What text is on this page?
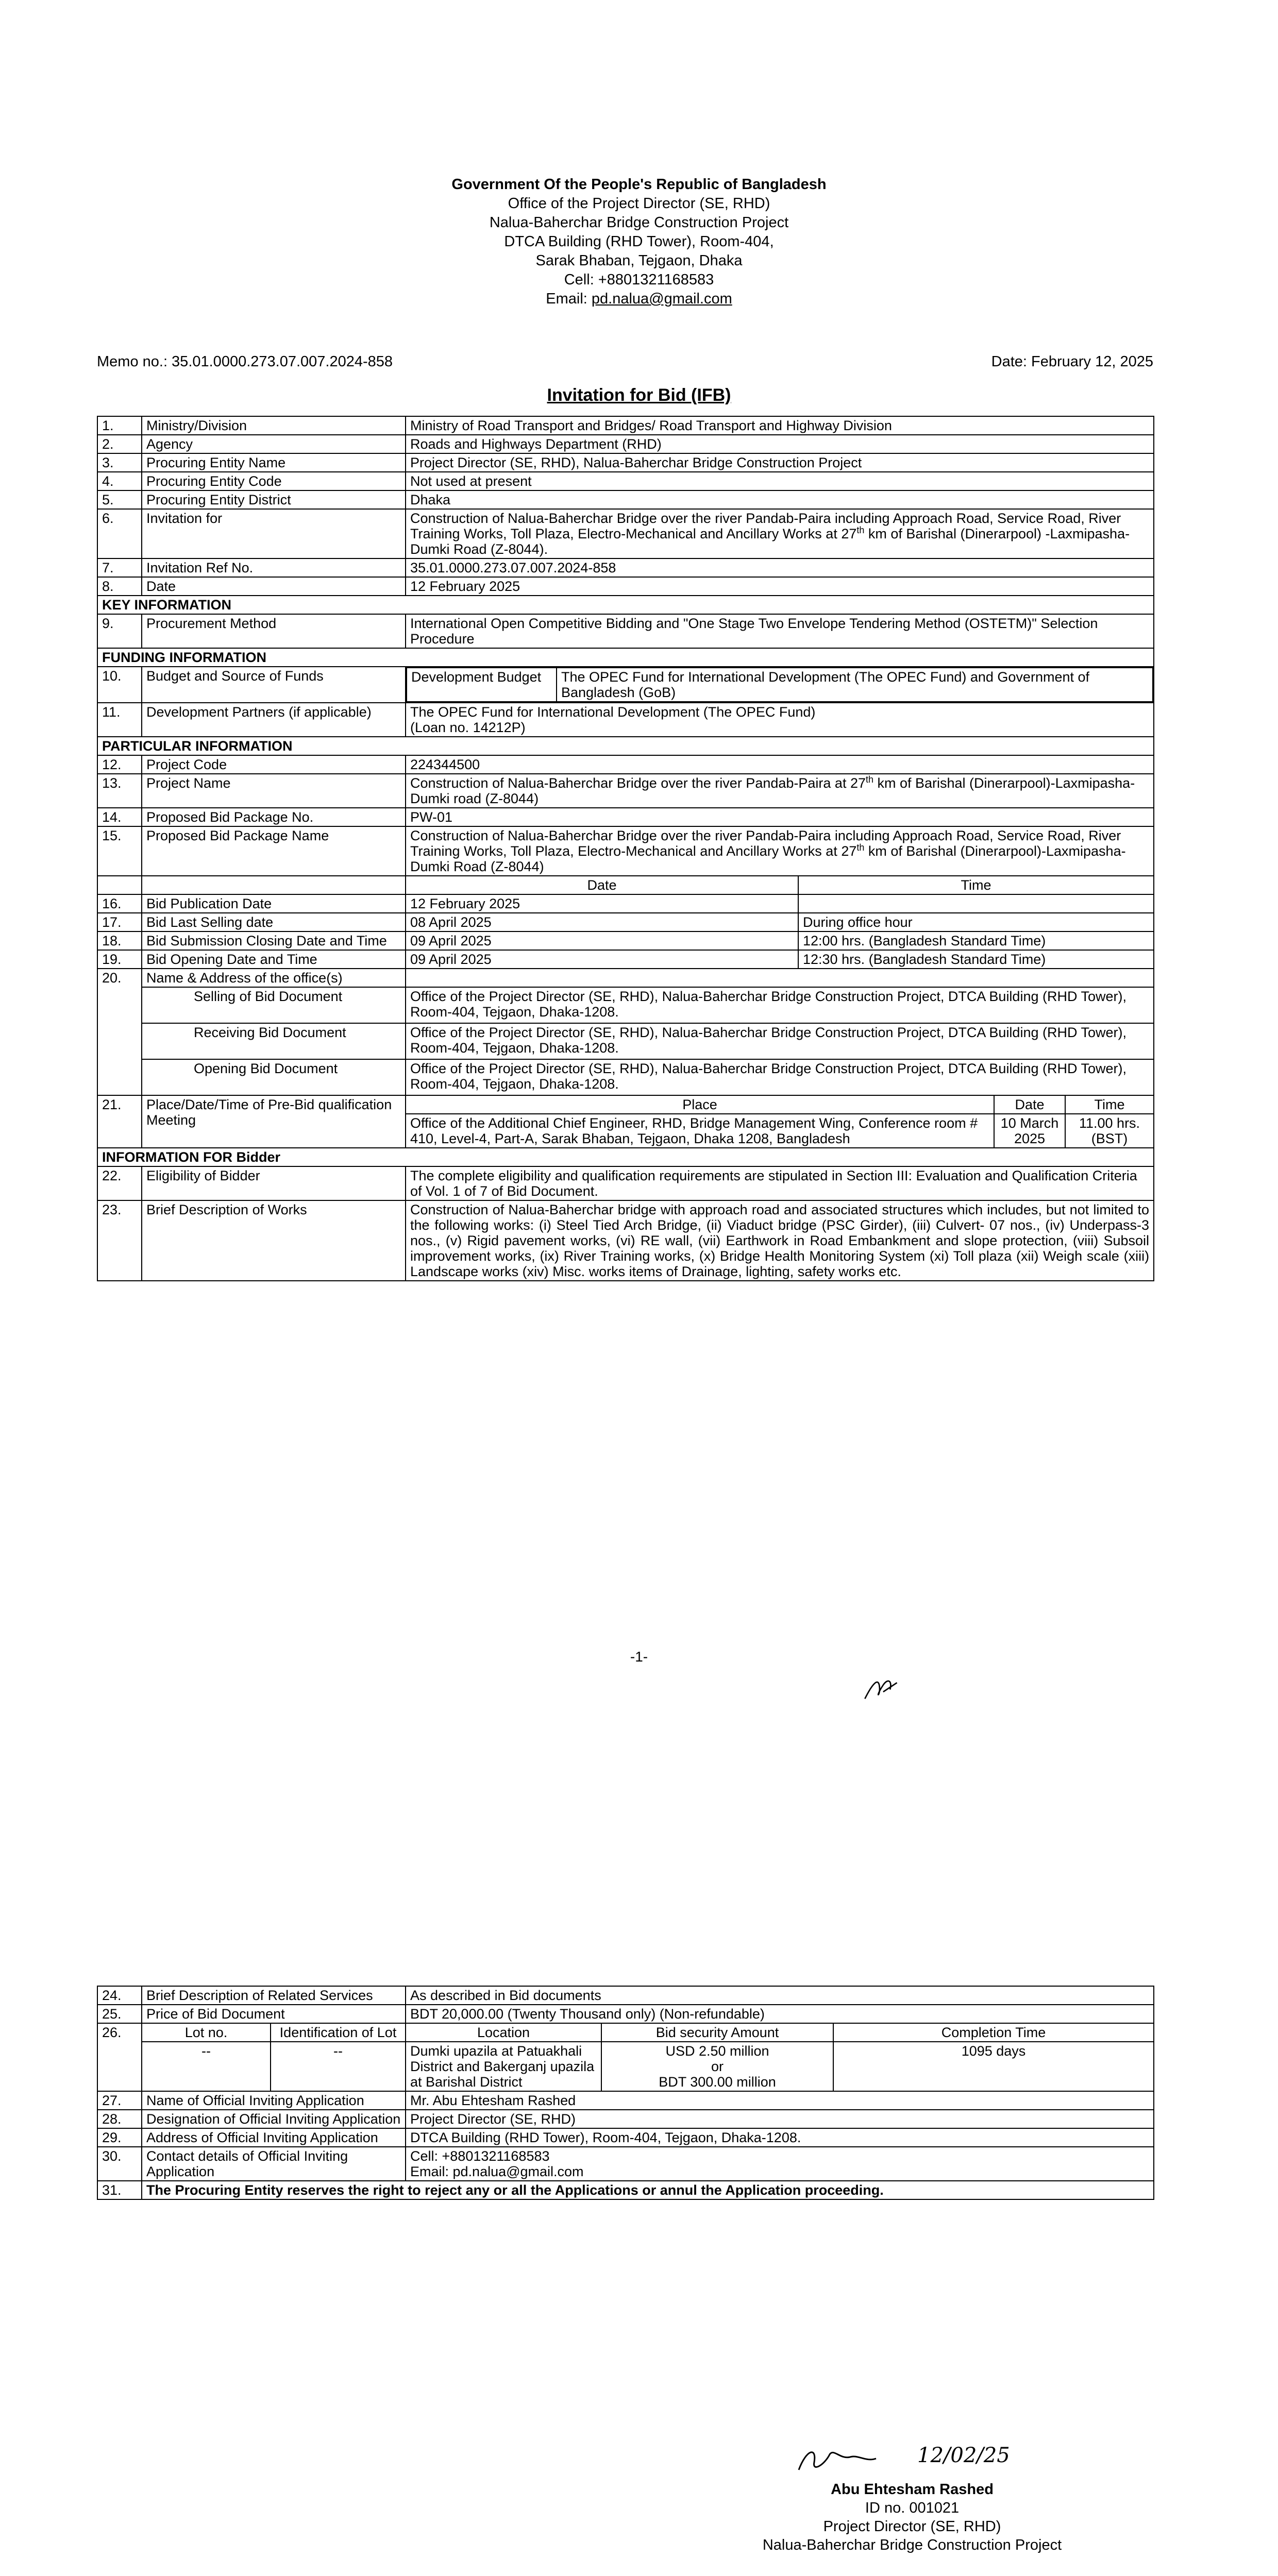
Government Of the People's Republic of Bangladesh
Office of the Project Director (SE, RHD)
Nalua-Baherchar Bridge Construction Project
DTCA Building (RHD Tower), Room-404,
Sarak Bhaban, Tejgaon, Dhaka
Cell: +8801321168583
Email: pd.nalua@gmail.com
Memo no.: 35.01.0000.273.07.007.2024-858	Date: February 12, 2025
Invitation for Bid (IFB)
1.	Ministry/Division	Ministry of Road Transport and Bridges/ Road Transport and Highway Division
2.	Agency	Roads and Highways Department (RHD)
3.	Procuring Entity Name	Project Director (SE, RHD), Nalua-Baherchar Bridge Construction Project
4.	Procuring Entity Code	Not used at present
5.	Procuring Entity District	Dhaka
6.	Invitation for	Construction of Nalua-Baherchar Bridge over the river Pandab-Paira including Approach Road, Service Road, River Training Works, Toll Plaza, Electro-Mechanical and Ancillary Works at 27th km of Barishal (Dinerarpool) -Laxmipasha-Dumki Road (Z-8044).
7.	Invitation Ref No.	35.01.0000.273.07.007.2024-858
8.	Date	12 February 2025
KEY INFORMATION
9.	Procurement Method	International Open Competitive Bidding and "One Stage Two Envelope Tendering Method (OSTETM)" Selection Procedure
FUNDING INFORMATION
10.	Budget and Source of Funds		Development Budget	The OPEC Fund for International Development (The OPEC Fund) and Government of Bangladesh (GoB)

11.	Development Partners (if applicable)	The OPEC Fund for International Development (The OPEC Fund)
(Loan no. 14212P)

PARTICULAR INFORMATION
12.	Project Code	224344500
13.	Project Name	Construction of Nalua-Baherchar Bridge over the river Pandab-Paira at 27th km of Barishal (Dinerarpool)-Laxmipasha-Dumki road (Z-8044)
14.	Proposed Bid Package No.	PW-01
15.	Proposed Bid Package Name	Construction of Nalua-Baherchar Bridge over the river Pandab-Paira including Approach Road, Service Road, River Training Works, Toll Plaza, Electro-Mechanical and Ancillary Works at 27th km of Barishal (Dinerarpool)-Laxmipasha-Dumki Road (Z-8044)
		Date	Time
16.	Bid Publication Date	12 February 2025	
17.	Bid Last Selling date	08 April 2025	During office hour
18.	Bid Submission Closing Date and Time	09 April 2025	12:00 hrs. (Bangladesh Standard Time)
19.	Bid Opening Date and Time	09 April 2025	12:30 hrs. (Bangladesh Standard Time)
20.	Name & Address of the office(s)	
Selling of Bid Document	Office of the Project Director (SE, RHD), Nalua-Baherchar Bridge Construction Project, DTCA Building (RHD Tower), Room-404, Tejgaon, Dhaka-1208.
Receiving Bid Document	Office of the Project Director (SE, RHD), Nalua-Baherchar Bridge Construction Project, DTCA Building (RHD Tower), Room-404, Tejgaon, Dhaka-1208.
Opening Bid Document	Office of the Project Director (SE, RHD), Nalua-Baherchar Bridge Construction Project, DTCA Building (RHD Tower), Room-404, Tejgaon, Dhaka-1208.
21.	Place/Date/Time of Pre-Bid qualification Meeting	Place	Date	Time
Office of the Additional Chief Engineer, RHD, Bridge Management Wing, Conference room # 410, Level-4, Part-A, Sarak Bhaban, Tejgaon, Dhaka 1208, Bangladesh	10 March 2025	11.00 hrs. (BST)
INFORMATION FOR Bidder
22.	Eligibility of Bidder	The complete eligibility and qualification requirements are stipulated in Section III: Evaluation and Qualification Criteria of Vol. 1 of 7 of Bid Document.
23.	Brief Description of Works	Construction of Nalua-Baherchar bridge with approach road and associated structures which includes, but not limited to the following works: (i) Steel Tied Arch Bridge, (ii) Viaduct bridge (PSC Girder), (iii) Culvert- 07 nos., (iv) Underpass-3 nos., (v) Rigid pavement works, (vi) RE wall, (vii) Earthwork in Road Embankment and slope protection, (viii) Subsoil improvement works, (ix) River Training works, (x) Bridge Health Monitoring System (xi) Toll plaza (xii) Weigh scale (xiii) Landscape works (xiv) Misc. works items of Drainage, lighting, safety works etc.
-1-
24.	Brief Description of Related Services		As described in Bid documents		
25.	Price of Bid Document		BDT 20,000.00 (Twenty Thousand only) (Non-refundable)		
26.	Lot no.	Identification of Lot	Location	Bid security Amount	Completion Time
	--	--	Dumki upazila at Patuakhali District and Bakerganj upazila at Barishal District	USD 2.50 million
or
BDT 300.00 million	1095 days
27.	Name of Official Inviting Application		Mr. Abu Ehtesham Rashed		
28.	Designation of Official Inviting Application		Project Director (SE, RHD)		
29.	Address of Official Inviting Application		DTCA Building (RHD Tower), Room-404, Tejgaon, Dhaka-1208.		
30.	Contact details of Official Inviting Application		Cell: +8801321168583
Email: pd.nalua@gmail.com		

31.	The Procuring Entity reserves the right to reject any or all the Applications or annul the Application proceeding.				
12/02/25
Abu Ehtesham Rashed
ID no. 001021
Project Director (SE, RHD)
Nalua-Baherchar Bridge Construction Project
